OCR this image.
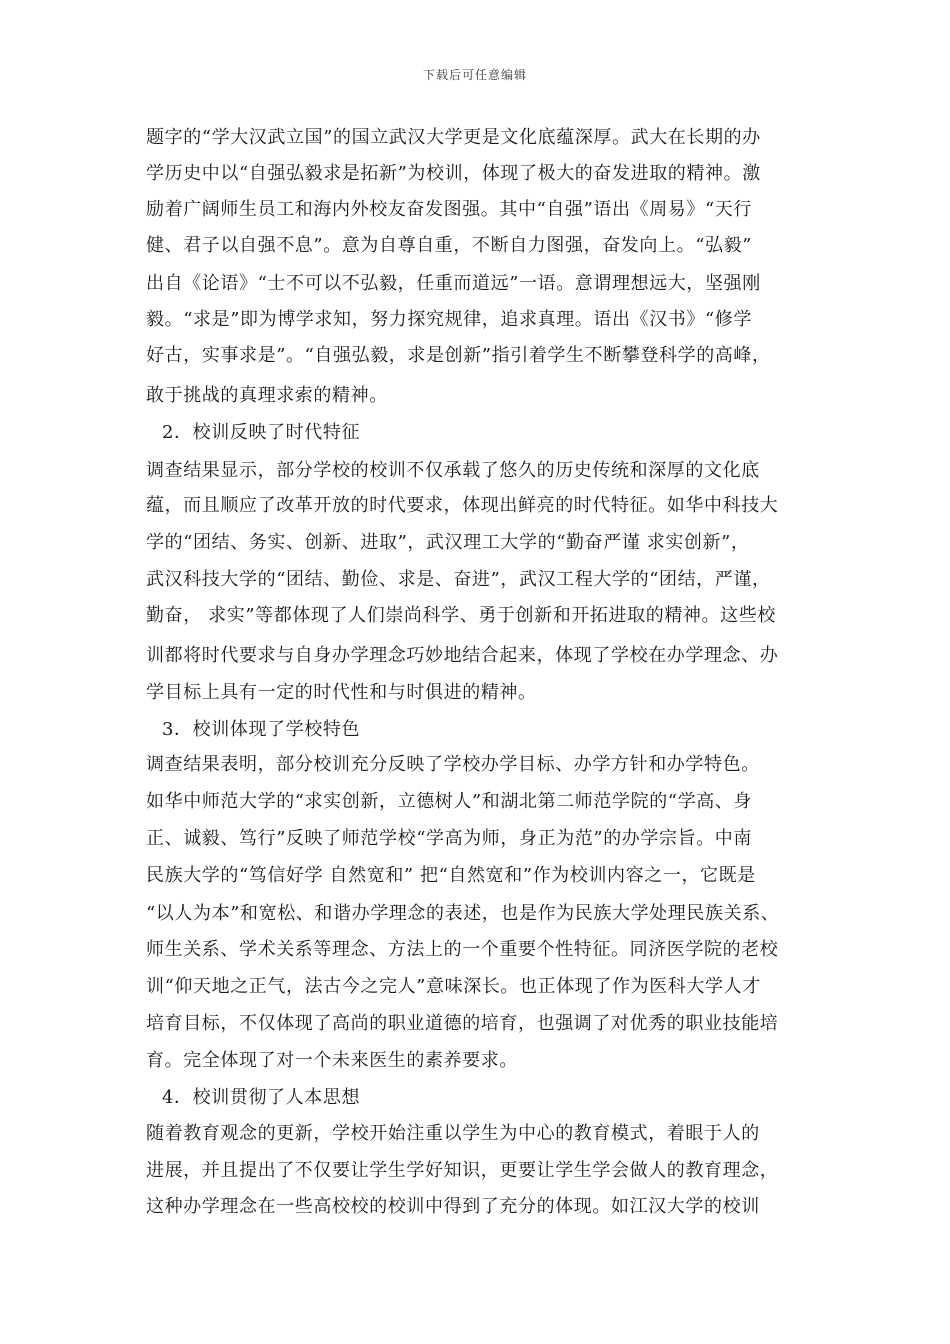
下载后可任意编辑
题字的“学大汉武立国”的国立武汉大学更是文化底蕴深厚。武大在长期的办
学历史中以“自强弘毅求是拓新”为校训，体现了极大的奋发进取的精神。激
励着广阔师生员工和海内外校友奋发图强。其中“自强”语出《周易》“天行
健、君子以自强不息”。意为自尊自重，不断自力图强，奋发向上。“弘毅”
出自《论语》“士不可以不弘毅，任重而道远”一语。意谓理想远大，坚强刚
毅。“求是”即为博学求知，努力探究规律，追求真理。语出《汉书》“修学
好古，实事求是”。“自强弘毅，求是创新”指引着学生不断攀登科学的高峰，
敢于挑战的真理求索的精神。
2．校训反映了时代特征
调查结果显示，部分学校的校训不仅承载了悠久的历史传统和深厚的文化底
蕴，而且顺应了改革开放的时代要求，体现出鲜亮的时代特征。如华中科技大
学的“团结、务实、创新、进取”，武汉理工大学的“勤奋严谨 求实创新”，
武汉科技大学的“团结、勤俭、求是、奋进”，武汉工程大学的“团结，严谨，
勤奋， 求实”等都体现了人们崇尚科学、勇于创新和开拓进取的精神。这些校
训都将时代要求与自身办学理念巧妙地结合起来，体现了学校在办学理念、办
学目标上具有一定的时代性和与时俱进的精神。
3．校训体现了学校特色
调查结果表明，部分校训充分反映了学校办学目标、办学方针和办学特色。
如华中师范大学的“求实创新，立德树人”和湖北第二师范学院的“学高、身
正、诚毅、笃行”反映了师范学校“学高为师，身正为范”的办学宗旨。中南
民族大学的“笃信好学 自然宽和” 把“自然宽和”作为校训内容之一，它既是
“以人为本”和宽松、和谐办学理念的表述，也是作为民族大学处理民族关系、
师生关系、学术关系等理念、方法上的一个重要个性特征。同济医学院的老校
训“仰天地之正气，法古今之完人”意味深长。也正体现了作为医科大学人才
培育目标，不仅体现了高尚的职业道德的培育，也强调了对优秀的职业技能培
育。完全体现了对一个未来医生的素养要求。
4．校训贯彻了人本思想
随着教育观念的更新，学校开始注重以学生为中心的教育模式，着眼于人的
进展，并且提出了不仅要让学生学好知识，更要让学生学会做人的教育理念，
这种办学理念在一些高校校的校训中得到了充分的体现。如江汉大学的校训
